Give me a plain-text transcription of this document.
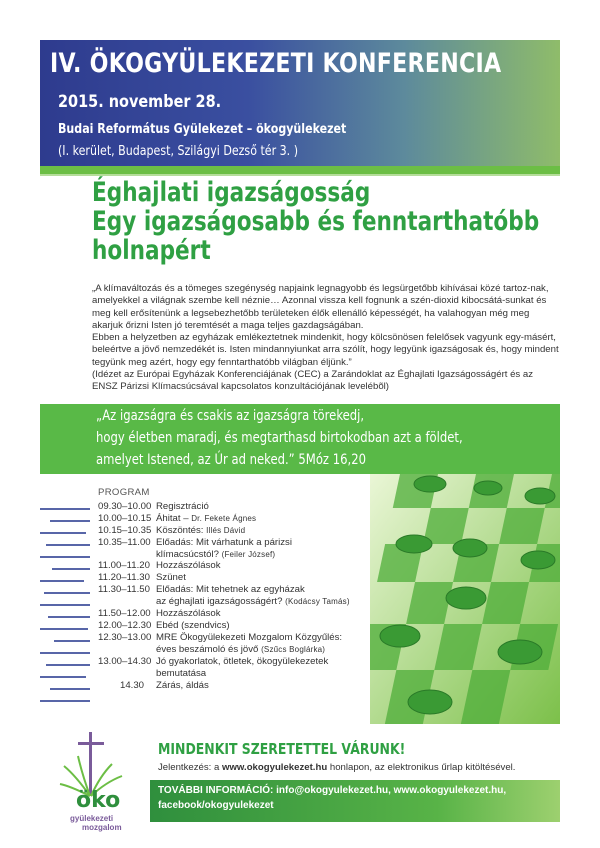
IV. ÖKOGYÜLEKEZETI KONFERENCIA
2015. november 28.
Budai Református Gyülekezet – ökogyülekezet
(I. kerület, Budapest, Szilágyi Dezső tér 3. )
Éghajlati igazságosság
Egy igazságosabb és fenntarthatóbb
holnapért

„A klímaváltozás és a tömeges szegénység napjaink legnagyobb és legsürgetőbb kihívásai közé tartoz-nak, amelyekkel a világnak szembe kell néznie… Azonnal vissza kell fognunk a szén-dioxid kibocsátá-sunkat és meg kell erősítenünk a legsebezhetőbb területeken élők ellenálló képességét, ha valahogyan még meg akarjuk őrizni Isten jó teremtését a maga teljes gazdagságában.

Ebben a helyzetben az egyházak emlékeztetnek mindenkit, hogy kölcsönösen felelősek vagyunk egy-másért, beleértve a jövő nemzedékét is. Isten mindannyiunkat arra szólít, hogy legyünk igazságosak és, hogy mindent tegyünk meg azért, hogy egy fenntarthatóbb világban éljünk.”

(Idézet az Európai Egyházak Konferenciájának (CEC) a Zarándoklat az Éghajlati Igazságosságért és az ENSZ Párizsi Klímacsúcsával kapcsolatos konzultációjának levelébõl)

„Az igazságra és csakis az igazságra törekedj,
hogy életben maradj, és megtarthasd birtokodban azt a földet,
amelyet Istened, az Úr ad neked.” 5Móz 16,20
PROGRAM
09.30–10.00 Regisztráció
10.00–10.15 Áhitat – Dr. Fekete Ágnes
10.15–10.35 Köszöntés: Illés Dávid
10.35–11.00 Előadás: Mit várhatunk a párizsi
klímacsúcstól? (Feiler József)
11.00–11.20 Hozzászólások
11.20–11.30 Szünet
11.30–11.50 Előadás: Mit tehetnek az egyházak
az éghajlati igazságosságért? (Kodácsy Tamás)
11.50–12.00 Hozzászólások
12.00–12.30 Ebéd (szendvics)
12.30–13.00 MRE Ökogyülekezeti Mozgalom Közgyűlés:
éves beszámoló és jövő (Szűcs Boglárka)
13.00–14.30 Jó gyakorlatok, ötletek, ökogyülekezetek
bemutatása
14.30	Zárás, áldás
MINDENKIT SZERETETTEL VÁRUNK!
Jelentkezés: a www.okogyulekezet.hu honlapon, az elektronikus űrlap kitöltésével.
TOVÁBBI INFORMÁCIÓ: info@okogyulekezet.hu, www.okogyulekezet.hu,
facebook/okogyulekezet
öko
gyülekezeti
mozgalom
